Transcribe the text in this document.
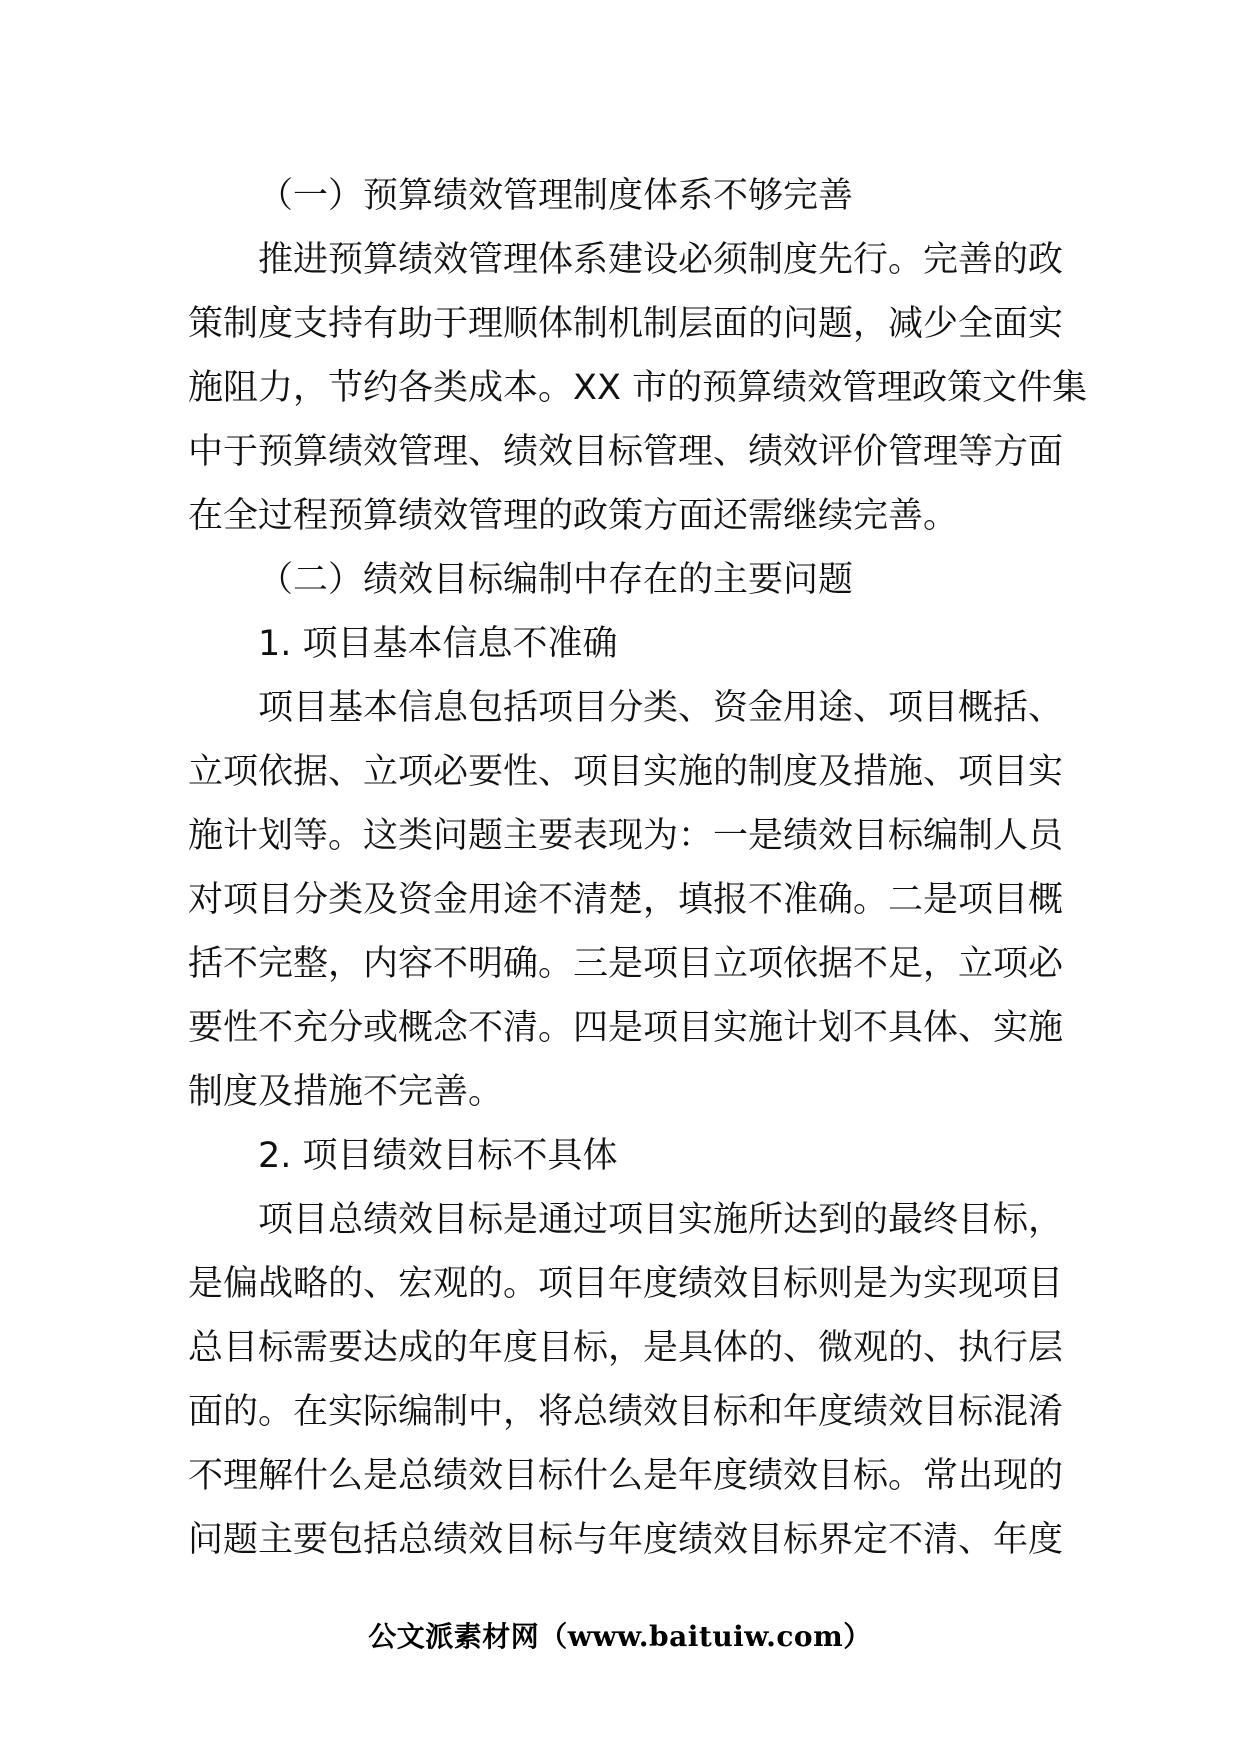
（一）预算绩效管理制度体系不够完善
推进预算绩效管理体系建设必须制度先行。完善的政
策制度支持有助于理顺体制机制层面的问题，减少全面实
施阻力，节约各类成本。XX 市的预算绩效管理政策文件集
中于预算绩效管理、绩效目标管理、绩效评价管理等方面
在全过程预算绩效管理的政策方面还需继续完善。
（二）绩效目标编制中存在的主要问题
1. 项目基本信息不准确
项目基本信息包括项目分类、资金用途、项目概括、
立项依据、立项必要性、项目实施的制度及措施、项目实
施计划等。这类问题主要表现为：一是绩效目标编制人员
对项目分类及资金用途不清楚，填报不准确。二是项目概
括不完整，内容不明确。三是项目立项依据不足，立项必
要性不充分或概念不清。四是项目实施计划不具体、实施
制度及措施不完善。
2. 项目绩效目标不具体
项目总绩效目标是通过项目实施所达到的最终目标，
是偏战略的、宏观的。项目年度绩效目标则是为实现项目
总目标需要达成的年度目标，是具体的、微观的、执行层
面的。在实际编制中，将总绩效目标和年度绩效目标混淆
不理解什么是总绩效目标什么是年度绩效目标。常出现的
问题主要包括总绩效目标与年度绩效目标界定不清、年度
公文派素材网（www.baituiw.com）
